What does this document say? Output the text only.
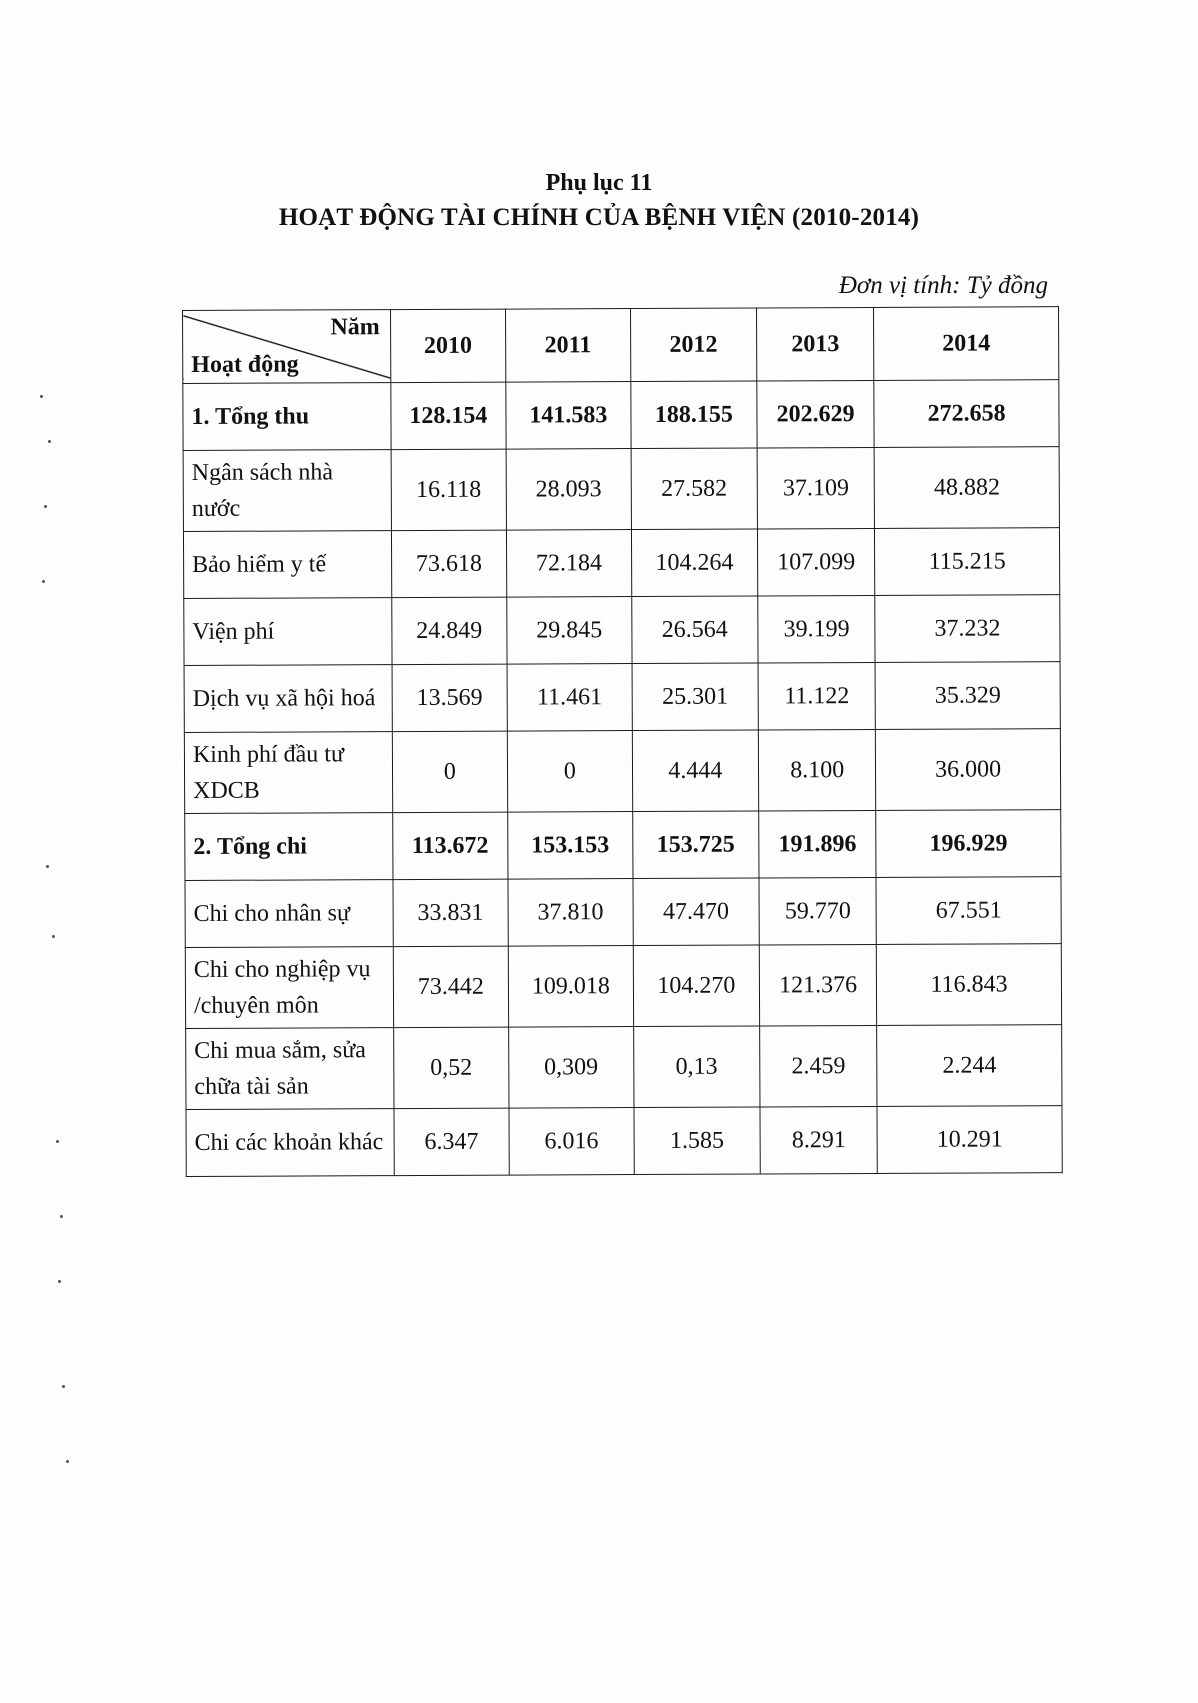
Phụ lục 11
HOẠT ĐỘNG TÀI CHÍNH CỦA BỆNH VIỆN (2010-2014)
Đơn vị tính: Tỷ đồng
Năm
Hoạt động	2010	2011	2012	2013	2014
1. Tổng thu	128.154	141.583	188.155	202.629	272.658
Ngân sách nhà nước	16.118	28.093	27.582	37.109	48.882
Bảo hiểm y tế	73.618	72.184	104.264	107.099	115.215
Viện phí	24.849	29.845	26.564	39.199	37.232
Dịch vụ xã hội hoá	13.569	11.461	25.301	11.122	35.329
Kinh phí đầu tư XDCB	0	0	4.444	8.100	36.000
2. Tổng chi	113.672	153.153	153.725	191.896	196.929
Chi cho nhân sự	33.831	37.810	47.470	59.770	67.551
Chi cho nghiệp vụ /chuyên môn	73.442	109.018	104.270	121.376	116.843
Chi mua sắm, sửa chữa tài sản	0,52	0,309	0,13	2.459	2.244
Chi các khoản khác	6.347	6.016	1.585	8.291	10.291
